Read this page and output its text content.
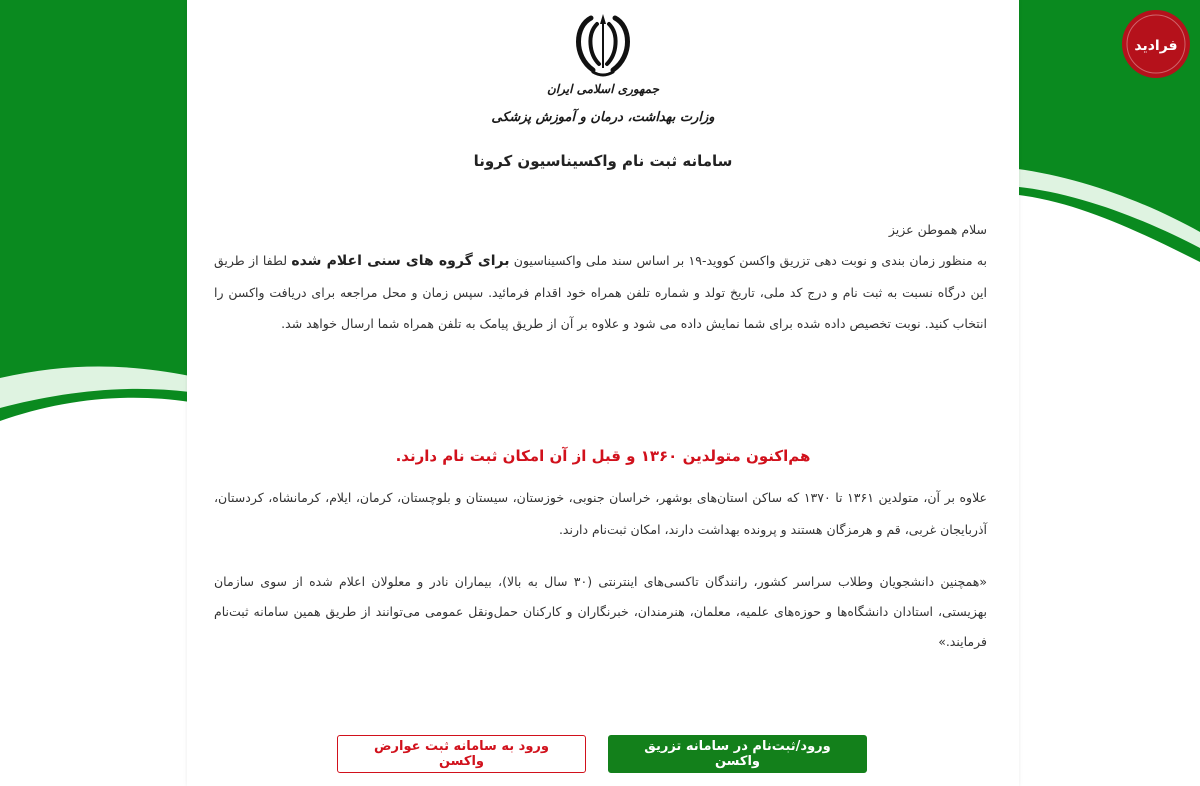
جمهوری اسلامی ایران

وزارت بهداشت، درمان و آموزش پزشکی

سامانه ثبت نام واکسیناسیون کرونا

سلام هموطن عزیز

به منظور زمان بندی و نوبت دهی تزریق واکسن کووید-۱۹ بر اساس سند ملی واکسیناسیون برای گروه های سنی اعلام شده لطفا از طریق این درگاه نسبت به ثبت نام و درج کد ملی، تاریخ تولد و شماره تلفن همراه خود اقدام فرمائید. سپس زمان و محل مراجعه برای دریافت واکسن را انتخاب کنید. نوبت تخصیص داده شده برای شما نمایش داده می شود و علاوه بر آن از طریق پیامک به تلفن همراه شما ارسال خواهد شد.

هم‌اکنون متولدین ۱۳۶۰ و قبل از آن امکان ثبت نام دارند.

علاوه بر آن، متولدین ۱۳۶۱ تا ۱۳۷۰ که ساکن استان‌های بوشهر، خراسان جنوبی، خوزستان، سیستان و بلوچستان، کرمان، ایلام، کرمانشاه، کردستان، آذربایجان غربی، قم و هرمزگان هستند و پرونده بهداشت دارند، امکان ثبت‌نام دارند.

«همچنین دانشجویان وطلاب سراسر کشور، رانندگان تاکسی‌های اینترنتی (۳۰ سال به بالا)، بیماران نادر و معلولان اعلام شده از سوی سازمان بهزیستی، استادان دانشگاه‌ها و حوزه‌های علمیه، معلمان، هنرمندان، خبرنگاران و کارکنان حمل‌ونقل عمومی می‌توانند از طریق همین سامانه ثبت‌نام فرمایند.»

ورود/ثبت‌نام در سامانه تزریق واکسن
ورود به سامانه ثبت عوارض واکسن
فرادید
